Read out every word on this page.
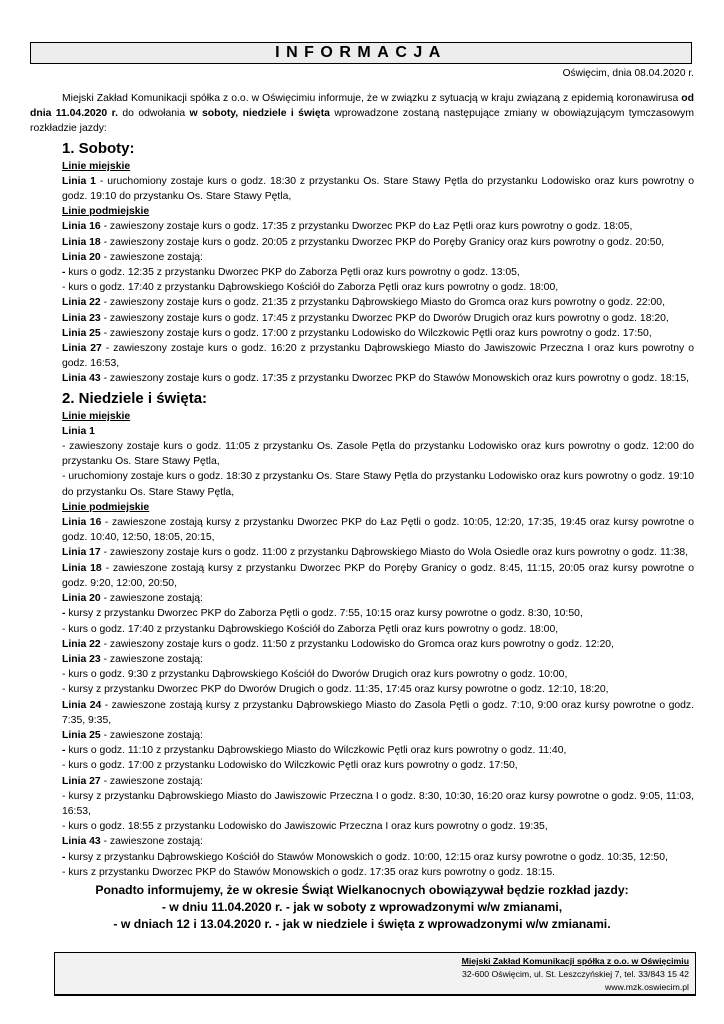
INFORMACJA
Oświęcim, dnia 08.04.2020 r.

Miejski Zakład Komunikacji spółka z o.o. w Oświęcimiu informuje, że w związku z sytuacją w kraju związaną z epidemią koronawirusa od dnia 11.04.2020 r. do odwołania w soboty, niedziele i święta wprowadzone zostaną następujące zmiany w obowiązującym tymczasowym rozkładzie jazdy:

1. Soboty:

Linie miejskie

Linia 1 - uruchomiony zostaje kurs o godz. 18:30 z przystanku Os. Stare Stawy Pętla do przystanku Lodowisko oraz kurs powrotny o godz. 19:10 do przystanku Os. Stare Stawy Pętla,

Linie podmiejskie

Linia 16 - zawieszony zostaje kurs o godz. 17:35 z przystanku Dworzec PKP do Łaz Pętli oraz kurs powrotny o godz. 18:05,

Linia 18 - zawieszony zostaje kurs o godz. 20:05 z przystanku Dworzec PKP do Poręby Granicy oraz kurs powrotny o godz. 20:50,

Linia 20 - zawieszone zostają:

- kurs o godz. 12:35 z przystanku Dworzec PKP do Zaborza Pętli oraz kurs powrotny o godz. 13:05,

- kurs o godz. 17:40 z przystanku Dąbrowskiego Kościół do Zaborza Pętli oraz kurs powrotny o godz. 18:00,

Linia 22 - zawieszony zostaje kurs o godz. 21:35 z przystanku Dąbrowskiego Miasto do Gromca oraz kurs powrotny o godz. 22:00,

Linia 23 - zawieszony zostaje kurs o godz. 17:45 z przystanku Dworzec PKP do Dworów Drugich oraz kurs powrotny o godz. 18:20,

Linia 25 - zawieszony zostaje kurs o godz. 17:00 z przystanku Lodowisko do Wilczkowic Pętli oraz kurs powrotny o godz. 17:50,

Linia 27 - zawieszony zostaje kurs o godz. 16:20 z przystanku Dąbrowskiego Miasto do Jawiszowic Przeczna I oraz kurs powrotny o godz. 16:53,

Linia 43 - zawieszony zostaje kurs o godz. 17:35 z przystanku Dworzec PKP do Stawów Monowskich oraz kurs powrotny o godz. 18:15,

2. Niedziele i święta:

Linie miejskie

Linia 1

- zawieszony zostaje kurs o godz. 11:05 z przystanku Os. Zasole Pętla do przystanku Lodowisko oraz kurs powrotny o godz. 12:00 do przystanku Os. Stare Stawy Pętla,

- uruchomiony zostaje kurs o godz. 18:30 z przystanku Os. Stare Stawy Pętla do przystanku Lodowisko oraz kurs powrotny o godz. 19:10 do przystanku Os. Stare Stawy Pętla,

Linie podmiejskie

Linia 16 - zawieszone zostają kursy z przystanku Dworzec PKP do Łaz Pętli o godz. 10:05, 12:20, 17:35, 19:45 oraz kursy powrotne o godz. 10:40, 12:50, 18:05, 20:15,

Linia 17 - zawieszony zostaje kurs o godz. 11:00 z przystanku Dąbrowskiego Miasto do Wola Osiedle oraz kurs powrotny o godz. 11:38,

Linia 18 - zawieszone zostają kursy z przystanku Dworzec PKP do Poręby Granicy o godz. 8:45, 11:15, 20:05 oraz kursy powrotne o godz. 9:20, 12:00, 20:50,

Linia 20 - zawieszone zostają:

- kursy z przystanku Dworzec PKP do Zaborza Pętli o godz. 7:55, 10:15 oraz kursy powrotne o godz. 8:30, 10:50,

- kurs o godz. 17:40 z przystanku Dąbrowskiego Kościół do Zaborza Pętli oraz kurs powrotny o godz. 18:00,

Linia 22 - zawieszony zostaje kurs o godz. 11:50 z przystanku Lodowisko do Gromca oraz kurs powrotny o godz. 12:20,

Linia 23 - zawieszone zostają:

- kurs o godz. 9:30 z przystanku Dąbrowskiego Kościół do Dworów Drugich oraz kurs powrotny o godz. 10:00,

- kursy z przystanku Dworzec PKP do Dworów Drugich o godz. 11:35, 17:45 oraz kursy powrotne o godz. 12:10, 18:20,

Linia 24 - zawieszone zostają kursy z przystanku Dąbrowskiego Miasto do Zasola Pętli o godz. 7:10, 9:00 oraz kursy powrotne o godz. 7:35, 9:35,

Linia 25 - zawieszone zostają:

- kurs o godz. 11:10 z przystanku Dąbrowskiego Miasto do Wilczkowic Pętli oraz kurs powrotny o godz. 11:40,

- kurs o godz. 17:00 z przystanku Lodowisko do Wilczkowic Pętli oraz kurs powrotny o godz. 17:50,

Linia 27 - zawieszone zostają:

- kursy z przystanku Dąbrowskiego Miasto do Jawiszowic Przeczna I o godz. 8:30, 10:30, 16:20 oraz kursy powrotne o godz. 9:05, 11:03, 16:53,

- kurs o godz. 18:55 z przystanku Lodowisko do Jawiszowic Przeczna I oraz kurs powrotny o godz. 19:35,

Linia 43 - zawieszone zostają:

- kursy z przystanku Dąbrowskiego Kościół do Stawów Monowskich o godz. 10:00, 12:15 oraz kursy powrotne o godz. 10:35, 12:50,

- kurs z przystanku Dworzec PKP do Stawów Monowskich o godz. 17:35 oraz kurs powrotny o godz. 18:15.

Ponadto informujemy, że w okresie Świąt Wielkanocnych obowiązywał będzie rozkład jazdy:
- w dniu 11.04.2020 r. - jak w soboty z wprowadzonymi w/w zmianami,
- w dniach 12 i 13.04.2020 r. - jak w niedziele i święta z wprowadzonymi w/w zmianami.
Miejski Zakład Komunikacji spółka z o.o. w Oświęcimiu
32-600 Oświęcim, ul. St. Leszczyńskiej 7, tel. 33/843 15 42
www.mzk.oswiecim.pl
